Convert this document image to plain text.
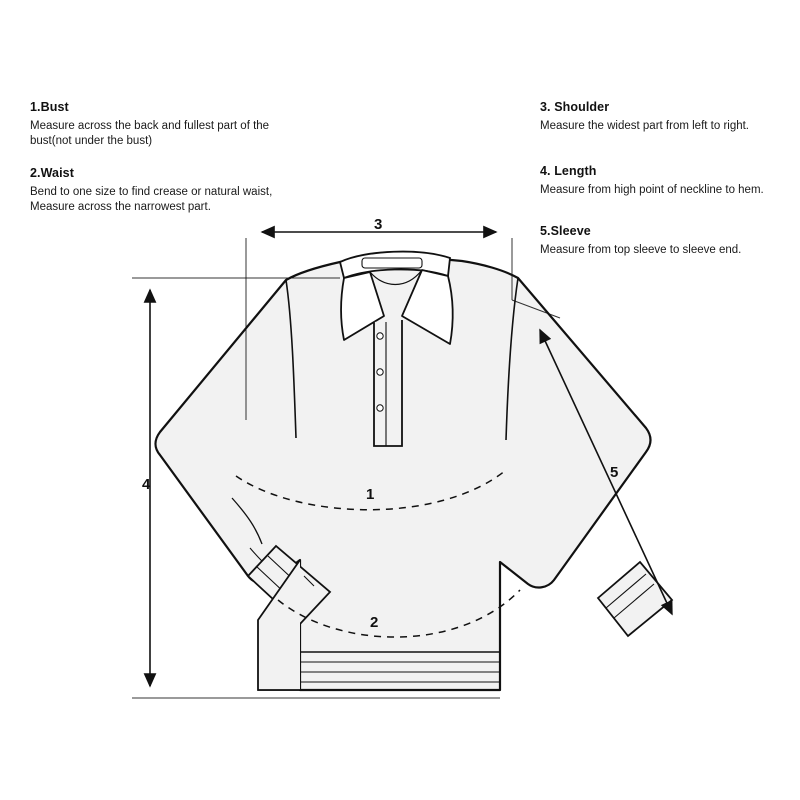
1.Bust
Measure across the back and fullest part of the bust(not under the bust)
2.Waist
Bend to one size to find crease or natural waist, Measure across the narrowest part.
3. Shoulder
Measure the widest part from left to right.
4. Length
Measure from high point of neckline to hem.
5.Sleeve
Measure from top sleeve to sleeve end.
3
4
1
2
5
